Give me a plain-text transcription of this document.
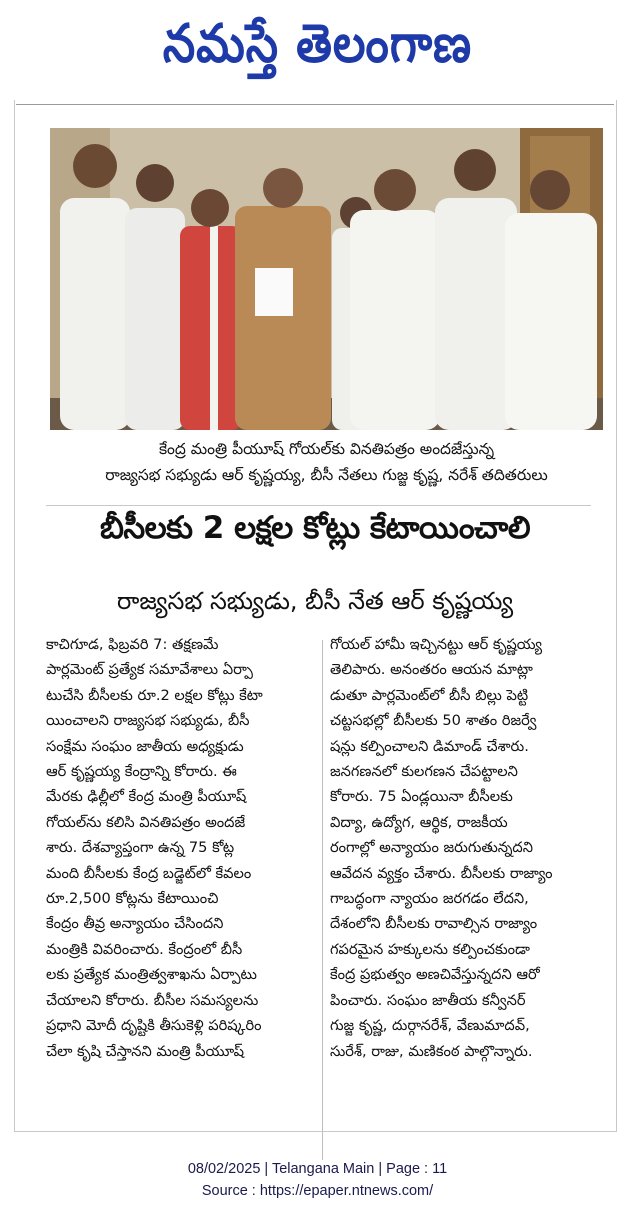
నమస్తే తెలంగాణ
కేంద్ర మంత్రి పీయూష్ గోయల్‌కు వినతిపత్రం అందజేస్తున్న
రాజ్యసభ సభ్యుడు ఆర్ కృష్ణయ్య, బీసీ నేతలు గుజ్జ కృష్ణ, నరేశ్ తదితరులు
బీసీలకు 2 లక్షల కోట్లు కేటాయించాలి
రాజ్యసభ సభ్యుడు, బీసీ నేత ఆర్ కృష్ణయ్య
కాచిగూడ, ఫిబ్రవరి 7: తక్షణమే
పార్లమెంట్ ప్రత్యేక సమావేశాలు ఏర్పా
టుచేసి బీసీలకు రూ.2 లక్షల కోట్లు కేటా
యించాలని రాజ్యసభ సభ్యుడు, బీసీ
సంక్షేమ సంఘం జాతీయ అధ్యక్షుడు
ఆర్ కృష్ణయ్య కేంద్రాన్ని కోరారు. ఈ
మేరకు ఢిల్లీలో కేంద్ర మంత్రి పీయూష్
గోయల్‌ను కలిసి వినతిపత్రం అందజే
శారు. దేశవ్యాప్తంగా ఉన్న 75 కోట్ల
మంది బీసీలకు కేంద్ర బడ్జెట్‌లో కేవలం
రూ.2,500 కోట్లను కేటాయించి
కేంద్రం తీవ్ర అన్యాయం చేసిందని
మంత్రికి వివరించారు. కేంద్రంలో బీసీ
లకు ప్రత్యేక మంత్రిత్వశాఖను ఏర్పాటు
చేయాలని కోరారు. బీసీల సమస్యలను
ప్రధాని మోదీ దృష్టికి తీసుకెళ్లి పరిష్కరిం
చేలా కృషి చేస్తానని మంత్రి పీయూష్
గోయల్ హామీ ఇచ్చినట్టు ఆర్ కృష్ణయ్య
తెలిపారు. అనంతరం ఆయన మాట్లా
డుతూ పార్లమెంట్‌లో బీసీ బిల్లు పెట్టి
చట్టసభల్లో బీసీలకు 50 శాతం రిజర్వే
షన్లు కల్పించాలని డిమాండ్ చేశారు.
జనగణనలో కులగణన చేపట్టాలని
కోరారు. 75 ఏండ్లయినా బీసీలకు
విద్యా, ఉద్యోగ, ఆర్థిక, రాజకీయ
రంగాల్లో అన్యాయం జరుగుతున్నదని
ఆవేదన వ్యక్తం చేశారు. బీసీలకు రాజ్యాం
గాబద్ధంగా న్యాయం జరగడం లేదని,
దేశంలోని బీసీలకు రావాల్సిన రాజ్యాం
గపరమైన హక్కులను కల్పించకుండా
కేంద్ర ప్రభుత్వం అణచివేస్తున్నదని ఆరో
పించారు. సంఘం జాతీయ కన్వీనర్
గుజ్జ కృష్ణ, దుర్గానరేశ్, వేణుమాదవ్,
సురేశ్, రాజు, మణికంఠ పాల్గొన్నారు.
08/02/2025 | Telangana Main | Page : 11
Source : https://epaper.ntnews.com/
